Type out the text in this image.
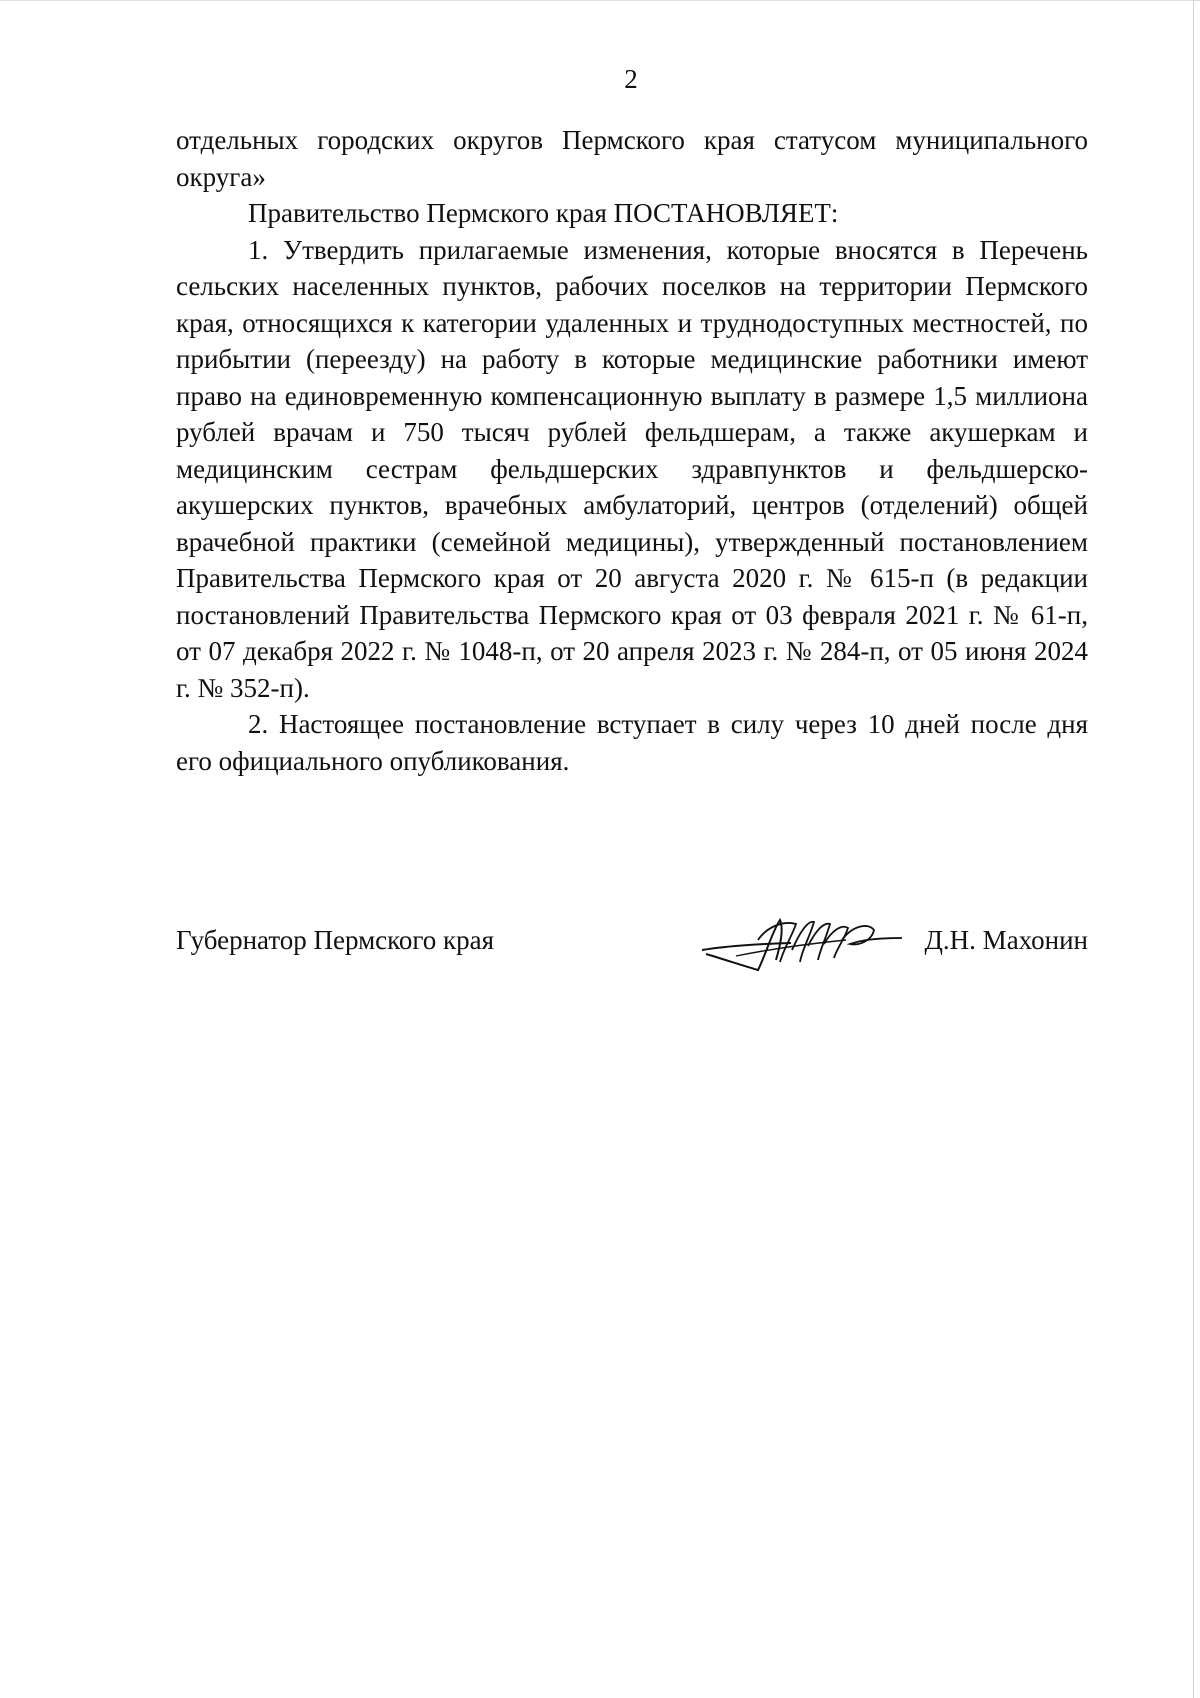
2

отдельных городских округов Пермского края статусом муниципального округа»

Правительство Пермского края ПОСТАНОВЛЯЕТ:

1. Утвердить прилагаемые изменения, которые вносятся в Перечень сельских населенных пунктов, рабочих поселков на территории Пермского края, относящихся к категории удаленных и труднодоступных местностей, по прибытии (переезду) на работу в которые медицинские работники имеют право на единовременную компенсационную выплату в размере 1,5 миллиона рублей врачам и 750 тысяч рублей фельдшерам, а также акушеркам и медицинским сестрам фельдшерских здравпунктов и фельдшерско-акушерских пунктов, врачебных амбулаторий, центров (отделений) общей врачебной практики (семейной медицины), утвержденный постановлением Правительства Пермского края от 20 августа 2020 г. № 615-п (в редакции постановлений Правительства Пермского края от 03 февраля 2021 г. № 61-п, от 07 декабря 2022 г. № 1048-п, от 20 апреля 2023 г. № 284-п, от 05 июня 2024 г. № 352-п).

2. Настоящее постановление вступает в силу через 10 дней после дня его официального опубликования.

Губернатор Пермского края	Д.Н. Махонин
